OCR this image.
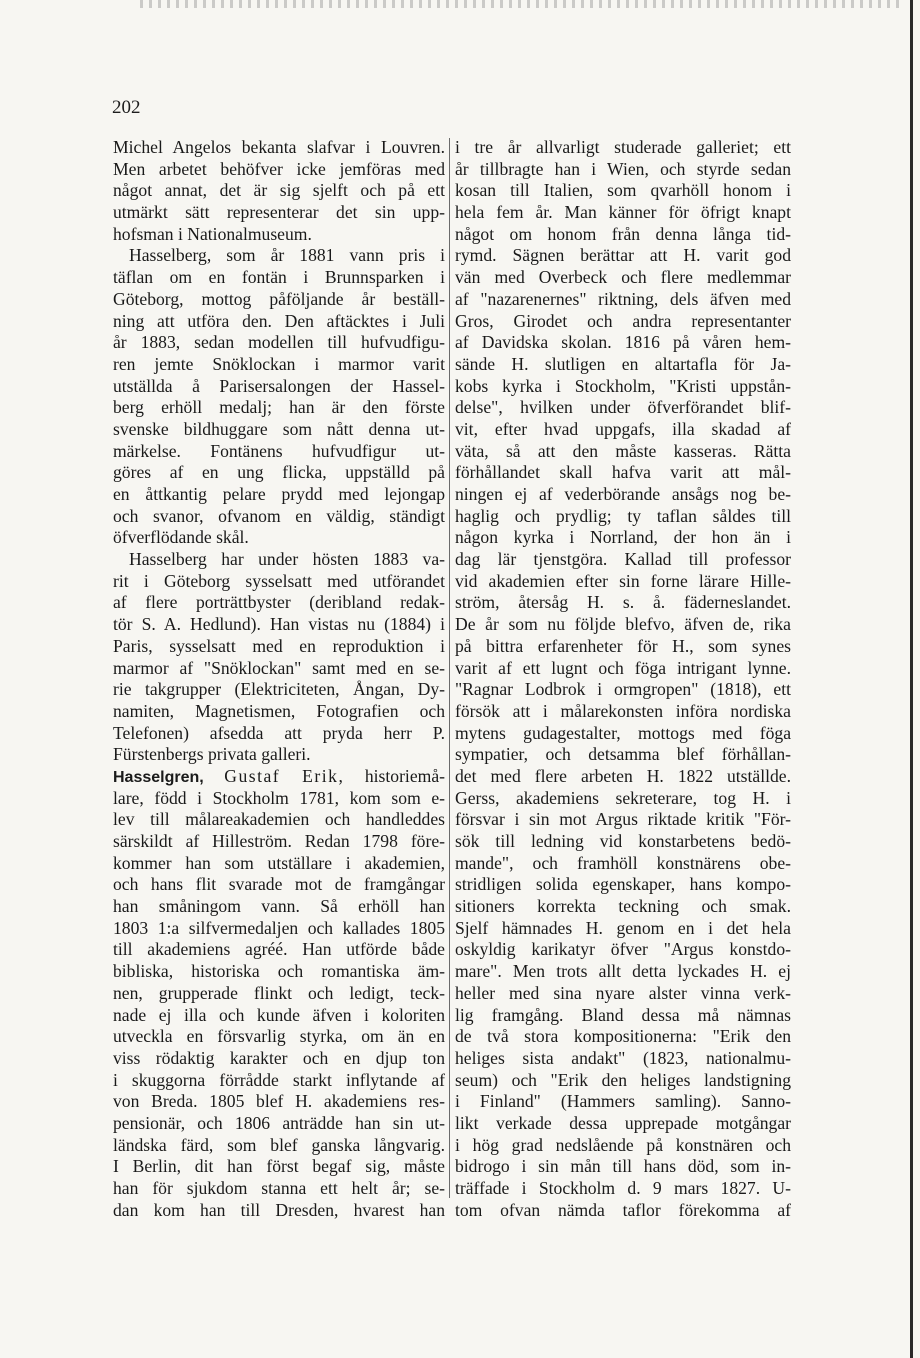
202
Michel Angelos bekanta slafvar i Louvren.
Men arbetet behöfver icke jemföras med
något annat, det är sig sjelft och på ett
utmärkt sätt representerar det sin upp-
hofsman i Nationalmuseum.
Hasselberg, som år 1881 vann pris i
täflan om en fontän i Brunnsparken i
Göteborg, mottog påföljande år beställ-
ning att utföra den. Den aftäcktes i Juli
år 1883, sedan modellen till hufvudfigu-
ren jemte Snöklockan i marmor varit
utställda å Parisersalongen der Hassel-
berg erhöll medalj; han är den förste
svenske bildhuggare som nått denna ut-
märkelse. Fontänens hufvudfigur ut-
göres af en ung flicka, uppställd på
en åttkantig pelare prydd med lejongap
och svanor, ofvanom en väldig, ständigt
öfverflödande skål.
Hasselberg har under hösten 1883 va-
rit i Göteborg sysselsatt med utförandet
af flere porträttbyster (deribland redak-
tör S. A. Hedlund). Han vistas nu (1884) i
Paris, sysselsatt med en reproduktion i
marmor af "Snöklockan" samt med en se-
rie takgrupper (Elektriciteten, Ångan, Dy-
namiten, Magnetismen, Fotografien och
Telefonen) afsedda att pryda herr P.
Fürstenbergs privata galleri.
Hasselgren, Gustaf Erik, historiemå-
lare, född i Stockholm 1781, kom som e-
lev till målareakademien och handleddes
särskildt af Hilleström. Redan 1798 före-
kommer han som utställare i akademien,
och hans flit svarade mot de framgångar
han småningom vann. Så erhöll han
1803 1:a silfvermedaljen och kallades 1805
till akademiens agréé. Han utförde både
bibliska, historiska och romantiska äm-
nen, grupperade flinkt och ledigt, teck-
nade ej illa och kunde äfven i koloriten
utveckla en försvarlig styrka, om än en
viss rödaktig karakter och en djup ton
i skuggorna förrådde starkt inflytande af
von Breda. 1805 blef H. akademiens res-
pensionär, och 1806 anträdde han sin ut-
ländska färd, som blef ganska långvarig.
I Berlin, dit han först begaf sig, måste
han för sjukdom stanna ett helt år; se-
dan kom han till Dresden, hvarest han
i tre år allvarligt studerade galleriet; ett
år tillbragte han i Wien, och styrde sedan
kosan till Italien, som qvarhöll honom i
hela fem år. Man känner för öfrigt knapt
något om honom från denna långa tid-
rymd. Sägnen berättar att H. varit god
vän med Overbeck och flere medlemmar
af "nazarenernes" riktning, dels äfven med
Gros, Girodet och andra representanter
af Davidska skolan. 1816 på våren hem-
sände H. slutligen en altartafla för Ja-
kobs kyrka i Stockholm, "Kristi uppstån-
delse", hvilken under öfverförandet blif-
vit, efter hvad uppgafs, illa skadad af
väta, så att den måste kasseras. Rätta
förhållandet skall hafva varit att mål-
ningen ej af vederbörande ansågs nog be-
haglig och prydlig; ty taflan såldes till
någon kyrka i Norrland, der hon än i
dag lär tjenstgöra. Kallad till professor
vid akademien efter sin forne lärare Hille-
ström, återsåg H. s. å. fäderneslandet.
De år som nu följde blefvo, äfven de, rika
på bittra erfarenheter för H., som synes
varit af ett lugnt och föga intrigant lynne.
"Ragnar Lodbrok i ormgropen" (1818), ett
försök att i målarekonsten införa nordiska
mytens gudagestalter, mottogs med föga
sympatier, och detsamma blef förhållan-
det med flere arbeten H. 1822 utställde.
Gerss, akademiens sekreterare, tog H. i
försvar i sin mot Argus riktade kritik "För-
sök till ledning vid konstarbetens bedö-
mande", och framhöll konstnärens obe-
stridligen solida egenskaper, hans kompo-
sitioners korrekta teckning och smak.
Sjelf hämnades H. genom en i det hela
oskyldig karikatyr öfver "Argus konstdo-
mare". Men trots allt detta lyckades H. ej
heller med sina nyare alster vinna verk-
lig framgång. Bland dessa må nämnas
de två stora kompositionerna: "Erik den
heliges sista andakt" (1823, nationalmu-
seum) och "Erik den heliges landstigning
i Finland" (Hammers samling). Sanno-
likt verkade dessa upprepade motgångar
i hög grad nedslående på konstnären och
bidrogo i sin mån till hans död, som in-
träffade i Stockholm d. 9 mars 1827. U-
tom ofvan nämda taflor förekomma af
